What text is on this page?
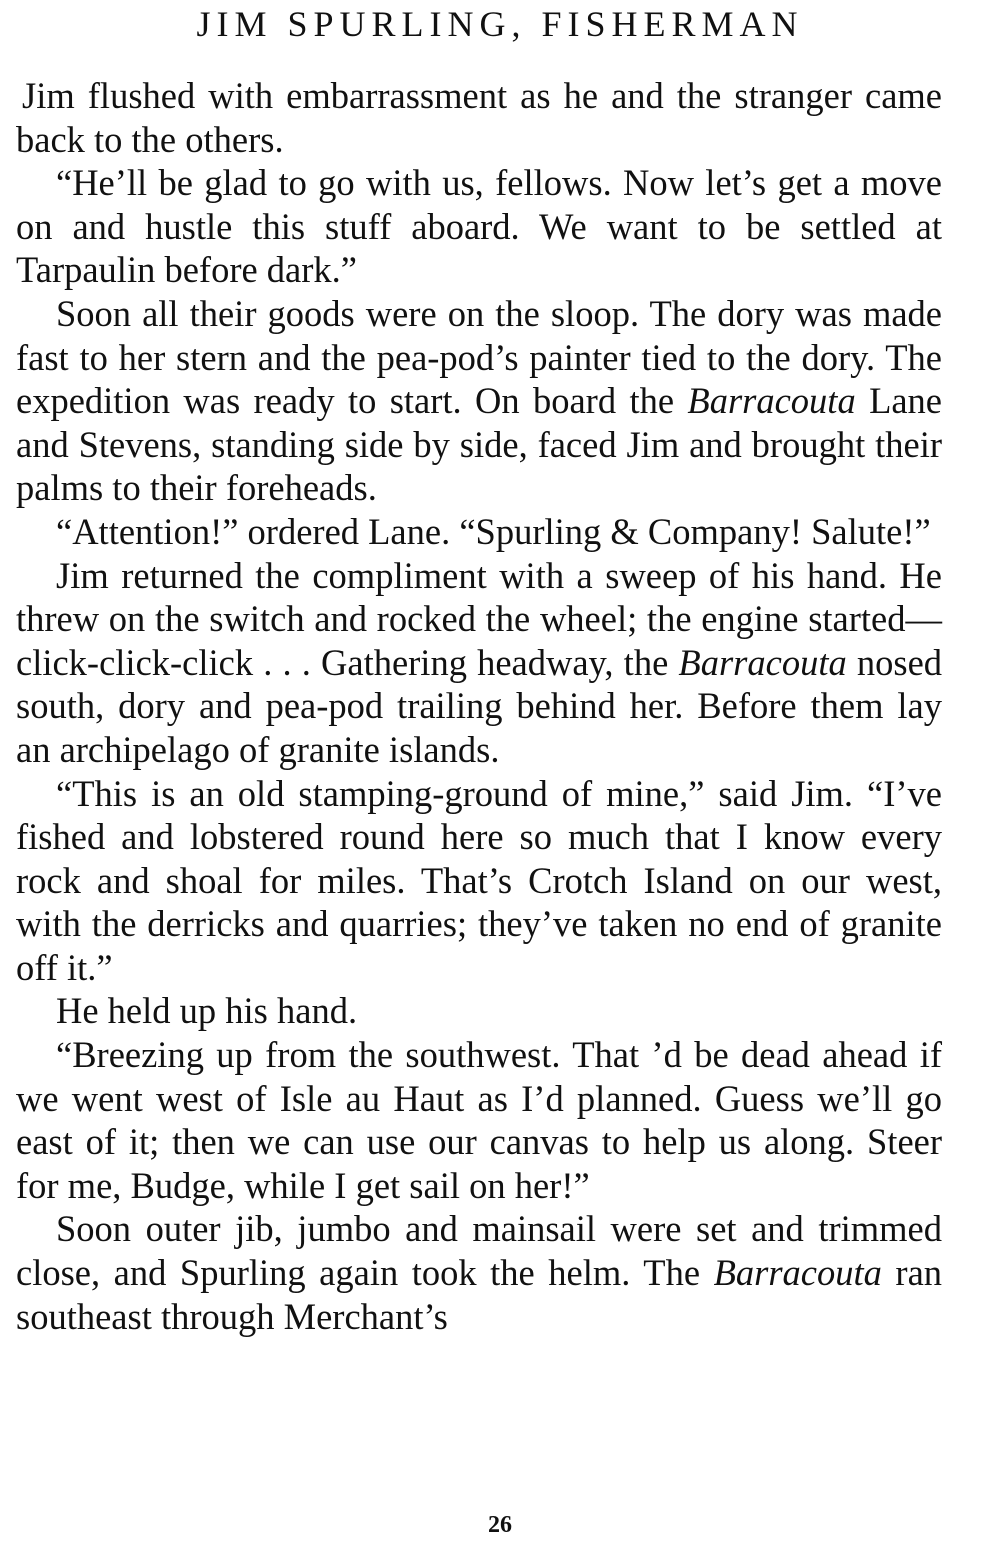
JIM SPURLING, FISHERMAN

Jim flushed with embarrassment as he and the stranger came back to the others.

“He’ll be glad to go with us, fellows. Now let’s get a move on and hustle this stuff aboard. We want to be settled at Tarpaulin before dark.”

Soon all their goods were on the sloop. The dory was made fast to her stern and the pea-pod’s painter tied to the dory. The expedition was ready to start. On board the Barracouta Lane and Stevens, standing side by side, faced Jim and brought their palms to their foreheads.

“Attention!” ordered Lane. “Spurling & Company! Salute!”

Jim returned the compliment with a sweep of his hand. He threw on the switch and rocked the wheel; the engine started—click-click-click . . . Gathering headway, the Barracouta nosed south, dory and pea-pod trailing behind her. Before them lay an archipelago of granite islands.

“This is an old stamping-ground of mine,” said Jim. “I’ve fished and lobstered round here so much that I know every rock and shoal for miles. That’s Crotch Island on our west, with the derricks and quarries; they’ve taken no end of granite off it.”

He held up his hand.

“Breezing up from the southwest. That ’d be dead ahead if we went west of Isle au Haut as I’d planned. Guess we’ll go east of it; then we can use our canvas to help us along. Steer for me, Budge, while I get sail on her!”

Soon outer jib, jumbo and mainsail were set and trimmed close, and Spurling again took the helm. The Barracouta ran southeast through Merchant’s

26
